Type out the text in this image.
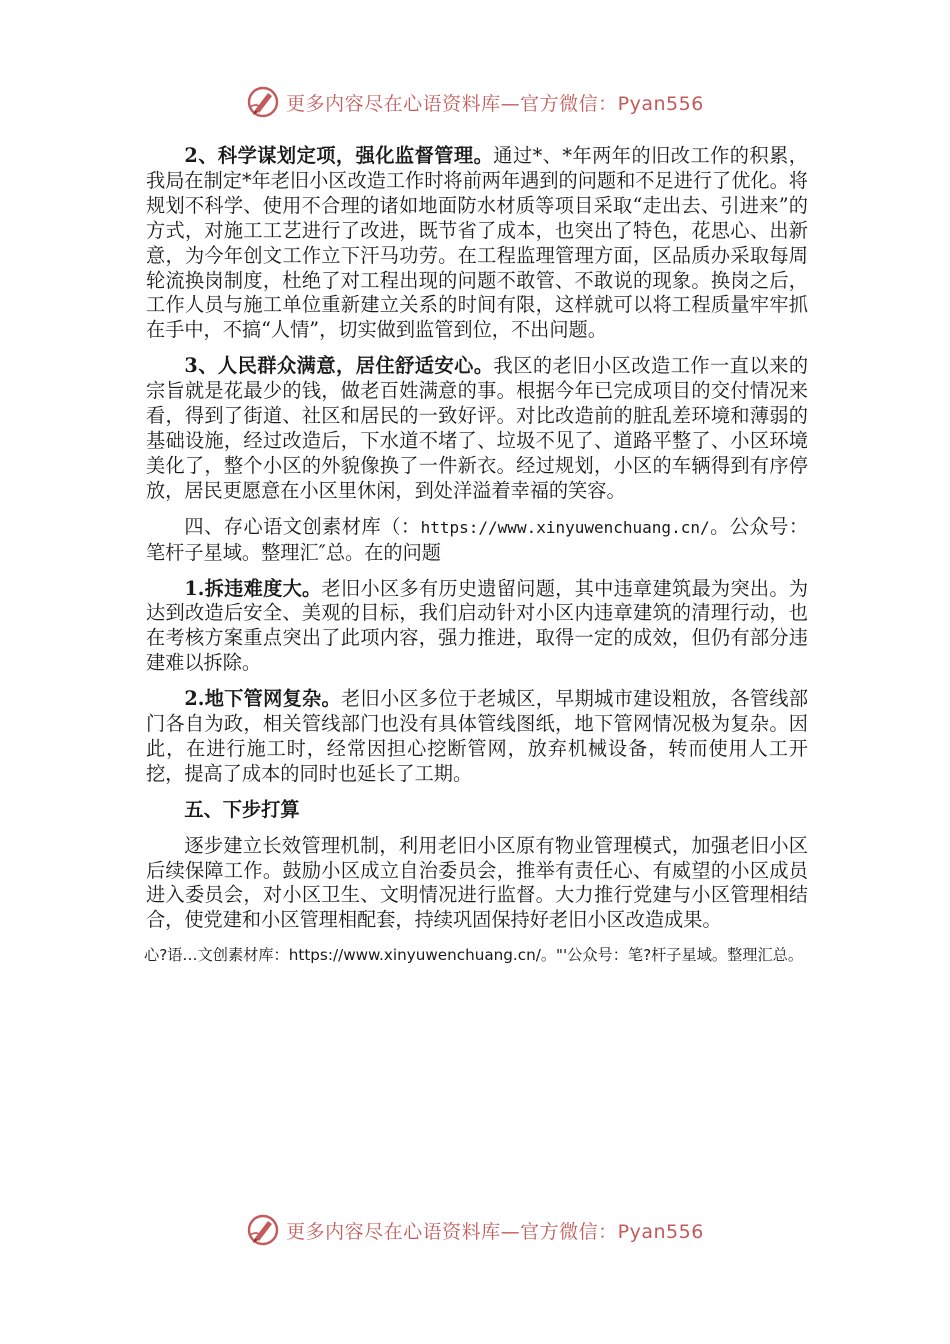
更多内容尽在心语资料库—官方微信：Pyan556

2、科学谋划定项，强化监督管理。通过*、*年两年的旧改工作的积累，我局在制定*年老旧小区改造工作时将前两年遇到的问题和不足进行了优化。将规划不科学、使用不合理的诸如地面防水材质等项目采取“走出去、引进来”的方式，对施工工艺进行了改进，既节省了成本，也突出了特色，花思心、出新意，为今年创文工作立下汗马功劳。在工程监理管理方面，区品质办采取每周轮流换岗制度，杜绝了对工程出现的问题不敢管、不敢说的现象。换岗之后，工作人员与施工单位重新建立关系的时间有限，这样就可以将工程质量牢牢抓在手中，不搞“人情”，切实做到监管到位，不出问题。

3、人民群众满意，居住舒适安心。我区的老旧小区改造工作一直以来的宗旨就是花最少的钱，做老百姓满意的事。根据今年已完成项目的交付情况来看，得到了街道、社区和居民的一致好评。对比改造前的脏乱差环境和薄弱的基础设施，经过改造后，下水道不堵了、垃圾不见了、道路平整了、小区环境美化了，整个小区的外貌像换了一件新衣。经过规划，小区的车辆得到有序停放，居民更愿意在小区里休闲，到处洋溢着幸福的笑容。

四、存心语文创素材库（：https://www.xinyuwenchuang.cn/。公众号：笔杆子星域。整理汇″总。在的问题

1.拆违难度大。老旧小区多有历史遗留问题，其中违章建筑最为突出。为达到改造后安全、美观的目标，我们启动针对小区内违章建筑的清理行动，也在考核方案重点突出了此项内容，强力推进，取得一定的成效，但仍有部分违建难以拆除。

2.地下管网复杂。老旧小区多位于老城区，早期城市建设粗放，各管线部门各自为政，相关管线部门也没有具体管线图纸，地下管网情况极为复杂。因此，在进行施工时，经常因担心挖断管网，放弃机械设备，转而使用人工开挖，提高了成本的同时也延长了工期。

五、下步打算

逐步建立长效管理机制，利用老旧小区原有物业管理模式，加强老旧小区后续保障工作。鼓励小区成立自治委员会，推举有责任心、有威望的小区成员进入委员会，对小区卫生、文明情况进行监督。大力推行党建与小区管理相结合，使党建和小区管理相配套，持续巩固保持好老旧小区改造成果。

心?语…文创素材库：https://www.xinyuwenchuang.cn/。"'公众号：笔?杆子星域。整理汇总。

更多内容尽在心语资料库—官方微信：Pyan556
